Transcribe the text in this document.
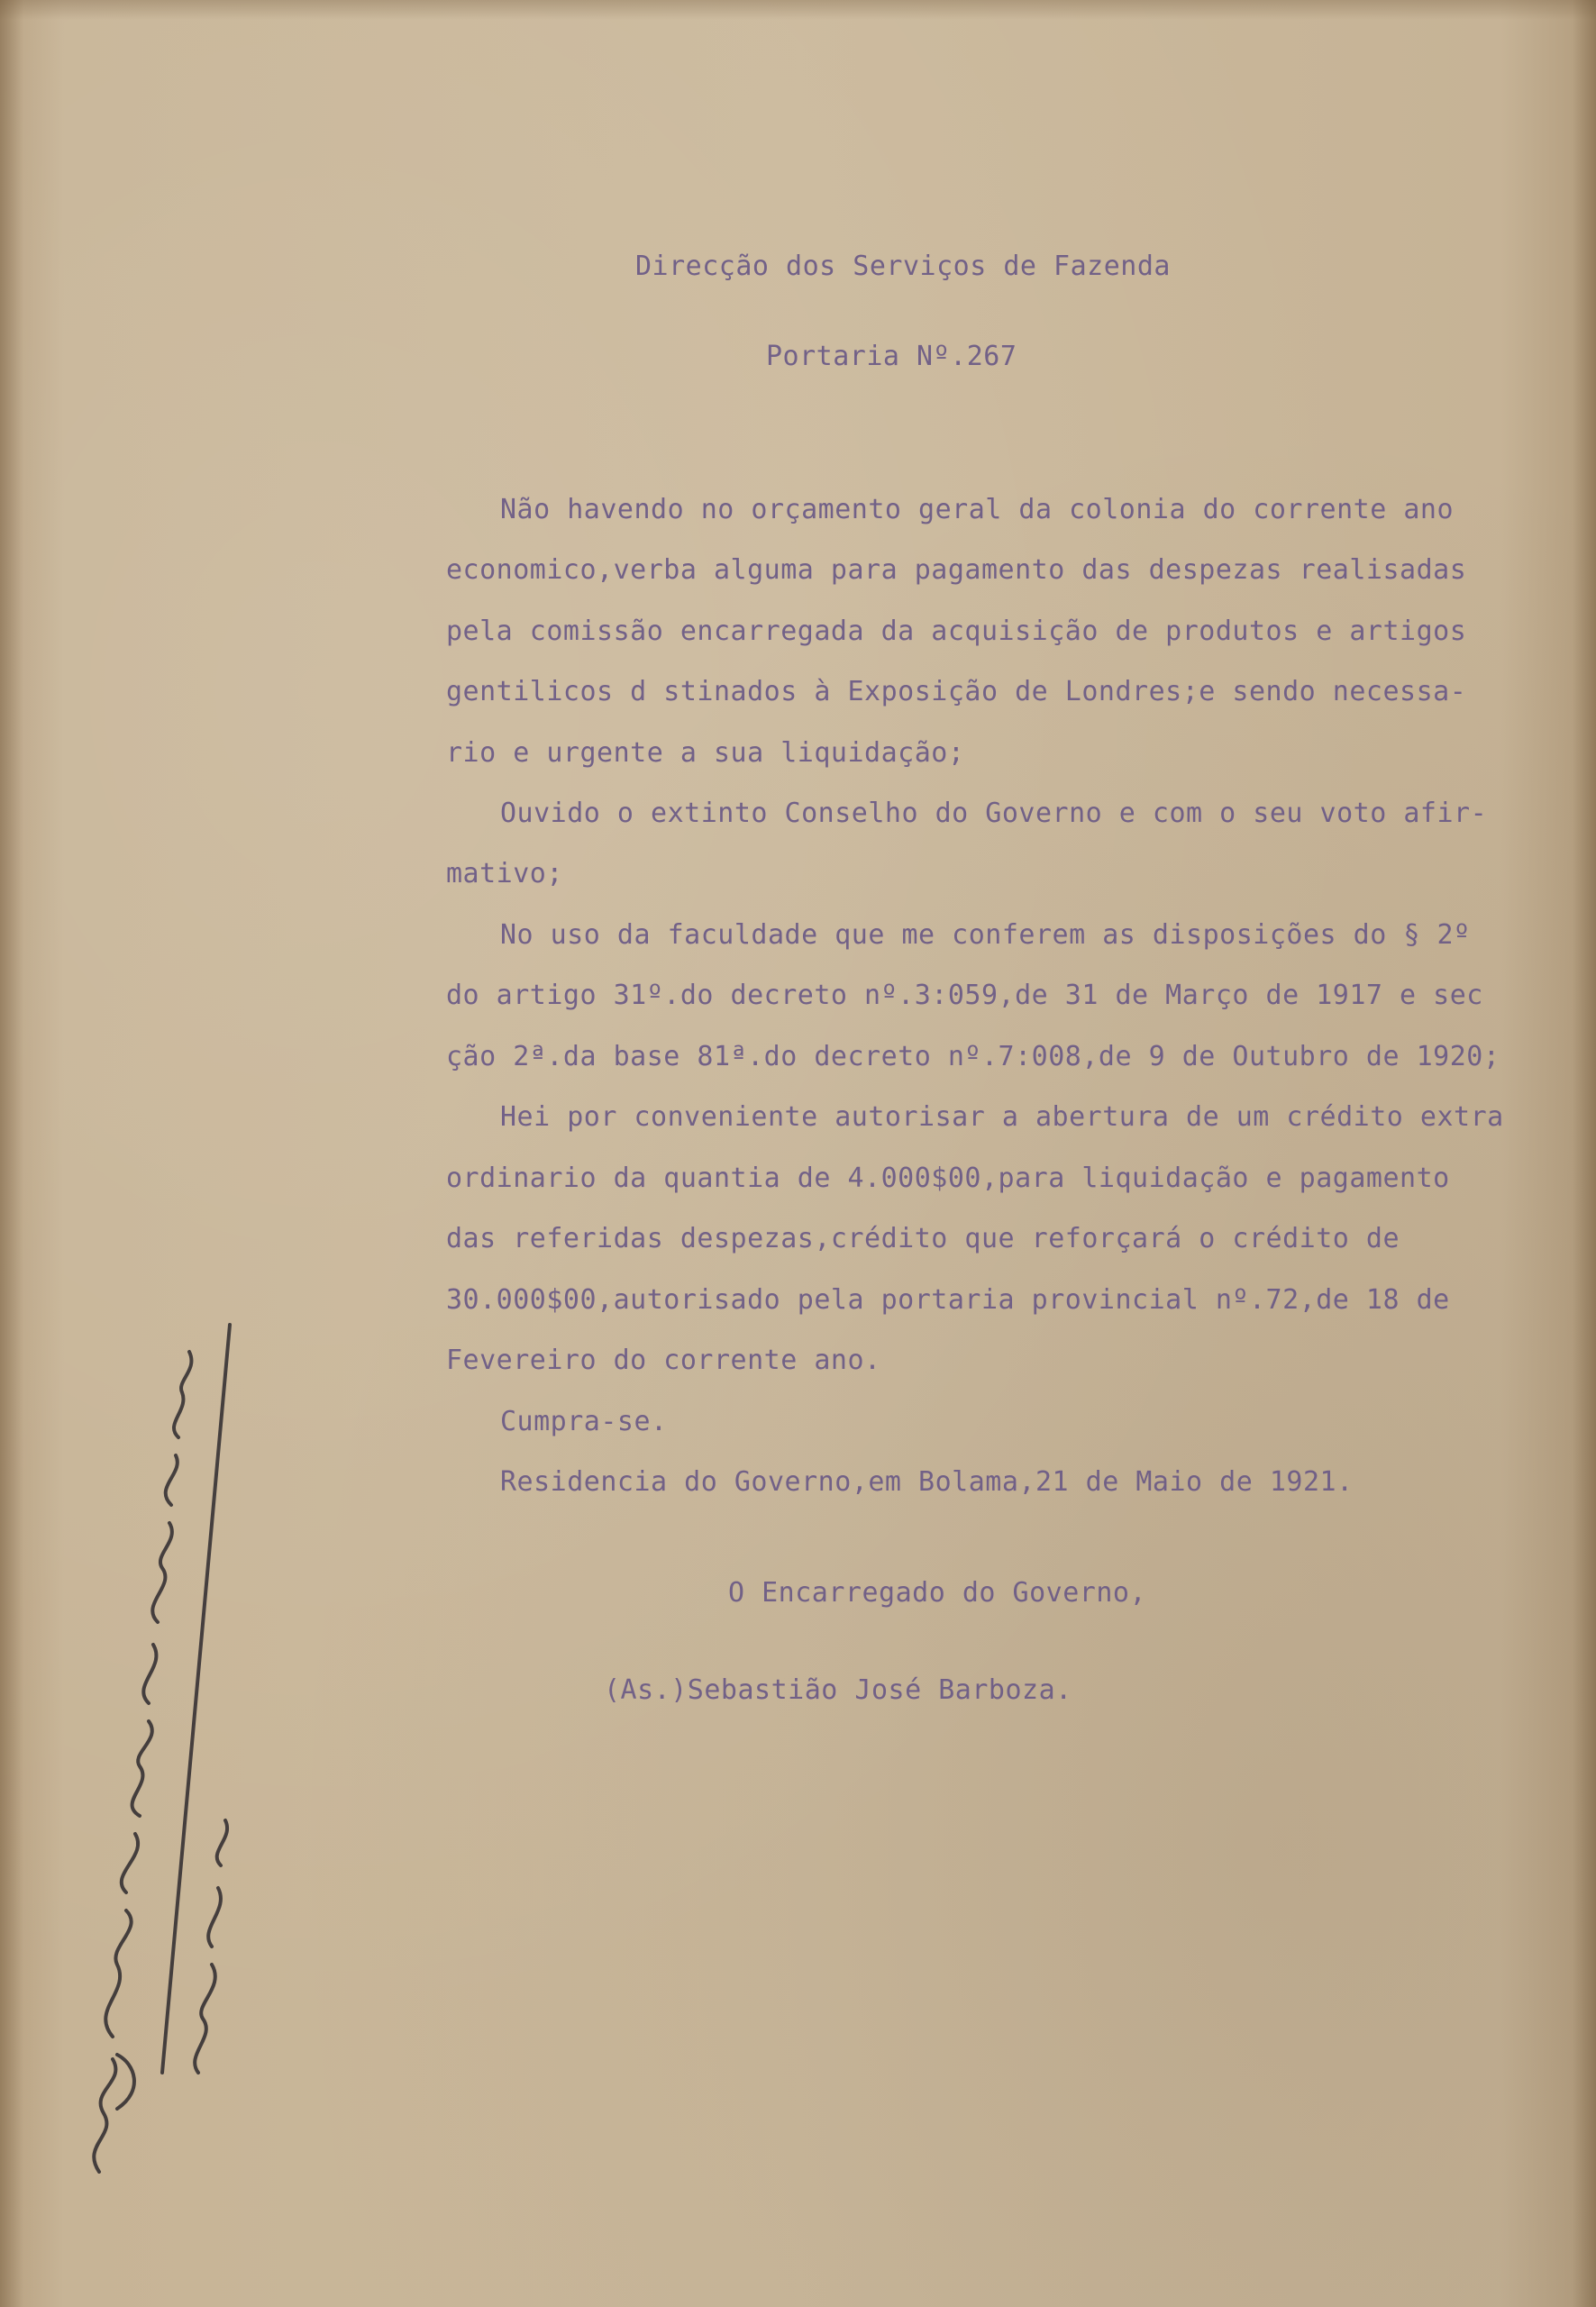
Direcção dos Serviços de Fazenda
Portaria Nº.267
Não havendo no orçamento geral da colonia do corrente ano
economico,verba alguma para pagamento das despezas realisadas
pela comissão encarregada da acquisição de produtos e artigos
gentilicos d stinados à Exposição de Londres;e sendo necessa-
rio e urgente a sua liquidação;
Ouvido o extinto Conselho do Governo e com o seu voto afir-
mativo;
No uso da faculdade que me conferem as disposições do § 2º
do artigo 31º.do decreto nº.3:059,de 31 de Março de 1917 e sec
ção 2ª.da base 81ª.do decreto nº.7:008,de 9 de Outubro de 1920;
Hei por conveniente autorisar a abertura de um crédito extra
ordinario da quantia de 4.000$00,para liquidação e pagamento
das referidas despezas,crédito que reforçará o crédito de
30.000$00,autorisado pela portaria provincial nº.72,de 18 de
Fevereiro do corrente ano.
Cumpra-se.
Residencia do Governo,em Bolama,21 de Maio de 1921.
O Encarregado do Governo,
(As.)Sebastião José Barboza.
